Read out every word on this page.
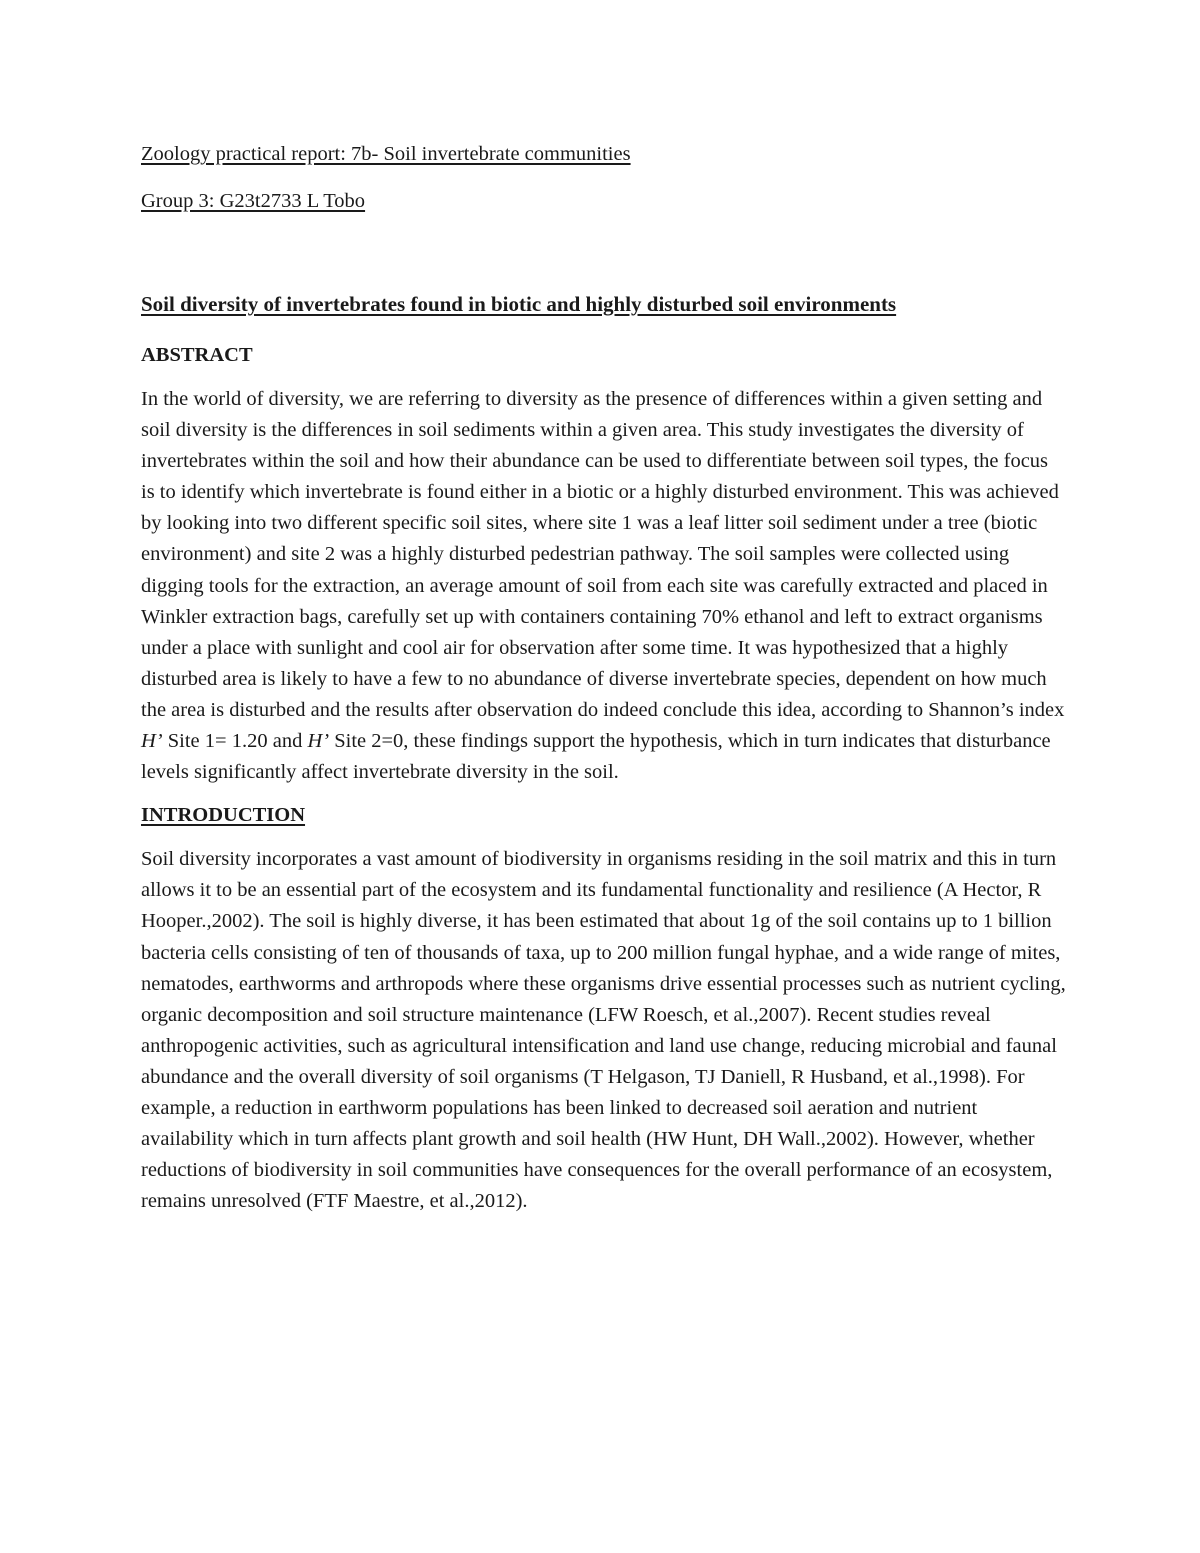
Zoology practical report: 7b- Soil invertebrate communities

Group 3: G23t2733 L Tobo

Soil diversity of invertebrates found in biotic and highly disturbed soil environments
ABSTRACT

In the world of diversity, we are referring to diversity as the presence of differences within a given setting and soil diversity is the differences in soil sediments within a given area. This study investigates the diversity of invertebrates within the soil and how their abundance can be used to differentiate between soil types, the focus is to identify which invertebrate is found either in a biotic or a highly disturbed environment. This was achieved by looking into two different specific soil sites, where site 1 was a leaf litter soil sediment under a tree (biotic environment) and site 2 was a highly disturbed pedestrian pathway. The soil samples were collected using digging tools for the extraction, an average amount of soil from each site was carefully extracted and placed in Winkler extraction bags, carefully set up with containers containing 70% ethanol and left to extract organisms under a place with sunlight and cool air for observation after some time. It was hypothesized that a highly disturbed area is likely to have a few to no abundance of diverse invertebrate species, dependent on how much the area is disturbed and the results after observation do indeed conclude this idea, according to Shannon’s index H’ Site 1= 1.20 and H’ Site 2=0, these findings support the hypothesis, which in turn indicates that disturbance levels significantly affect invertebrate diversity in the soil.

INTRODUCTION

Soil diversity incorporates a vast amount of biodiversity in organisms residing in the soil matrix and this in turn allows it to be an essential part of the ecosystem and its fundamental functionality and resilience (A Hector, R Hooper.,2002). The soil is highly diverse, it has been estimated that about 1g of the soil contains up to 1 billion bacteria cells consisting of ten of thousands of taxa, up to 200 million fungal hyphae, and a wide range of mites, nematodes, earthworms and arthropods where these organisms drive essential processes such as nutrient cycling, organic decomposition and soil structure maintenance (LFW Roesch, et al.,2007). Recent studies reveal anthropogenic activities, such as agricultural intensification and land use change, reducing microbial and faunal abundance and the overall diversity of soil organisms (T Helgason, TJ Daniell, R Husband, et al.,1998). For example, a reduction in earthworm populations has been linked to decreased soil aeration and nutrient availability which in turn affects plant growth and soil health (HW Hunt, DH Wall.,2002). However, whether reductions of biodiversity in soil communities have consequences for the overall performance of an ecosystem, remains unresolved (FTF Maestre, et al.,2012).
